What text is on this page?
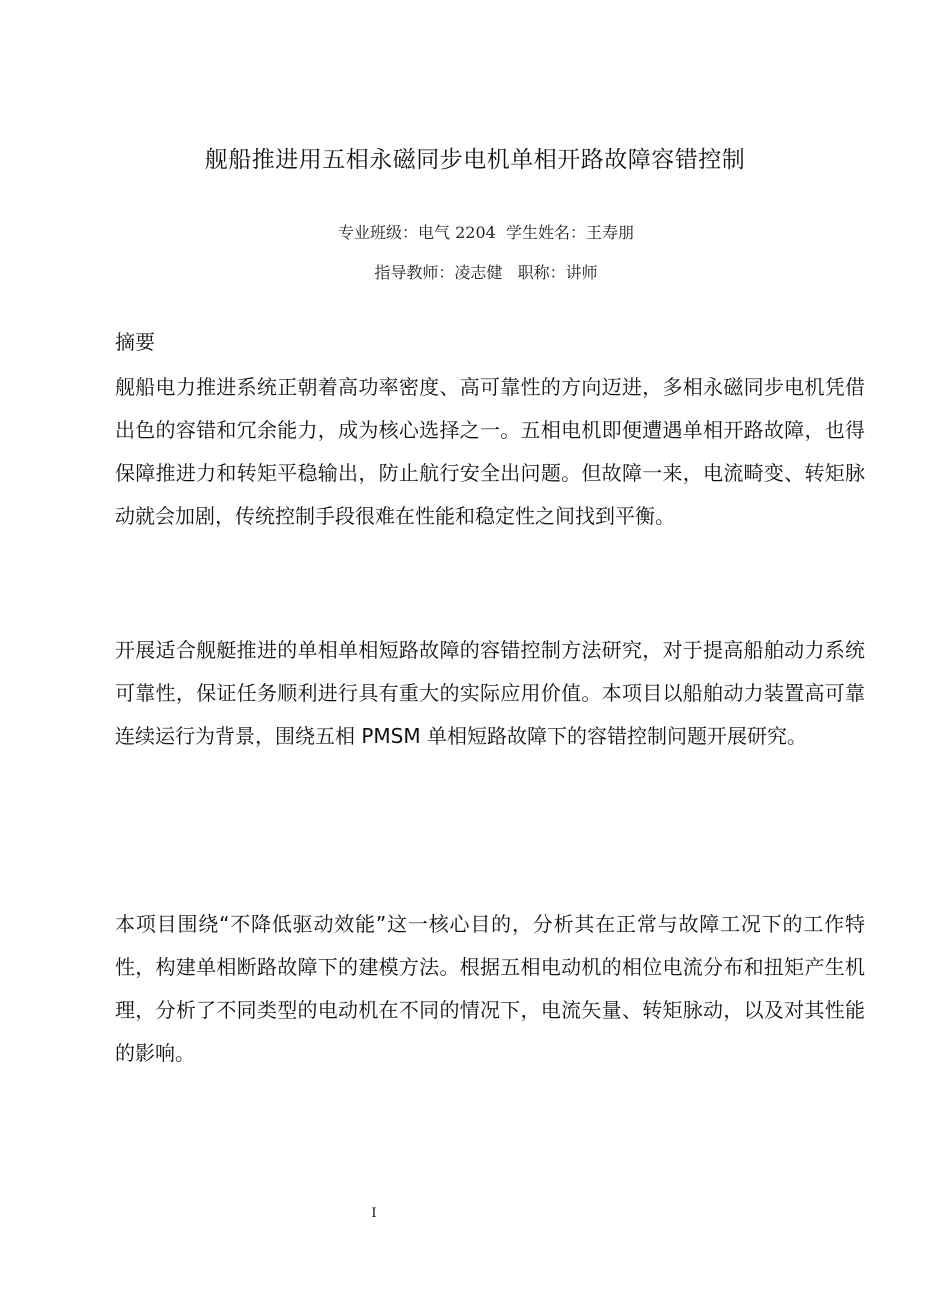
舰船推进用五相永磁同步电机单相开路故障容错控制
专业班级：电气 2204  学生姓名：王寿朋
指导教师：凌志健   职称：讲师
摘要

舰船电力推进系统正朝着高功率密度、高可靠性的方向迈进，多相永磁同步电机凭借出色的容错和冗余能力，成为核心选择之一。五相电机即便遭遇单相开路故障，也得保障推进力和转矩平稳输出，防止航行安全出问题。但故障一来，电流畸变、转矩脉动就会加剧，传统控制手段很难在性能和稳定性之间找到平衡。

开展适合舰艇推进的单相单相短路故障的容错控制方法研究，对于提高船舶动力系统可靠性，保证任务顺利进行具有重大的实际应用价值。本项目以船舶动力装置高可靠连续运行为背景，围绕五相 PMSM 单相短路故障下的容错控制问题开展研究。

本项目围绕“不降低驱动效能”这一核心目的，分析其在正常与故障工况下的工作特性，构建单相断路故障下的建模方法。根据五相电动机的相位电流分布和扭矩产生机理，分析了不同类型的电动机在不同的情况下，电流矢量、转矩脉动，以及对其性能的影响。

I
